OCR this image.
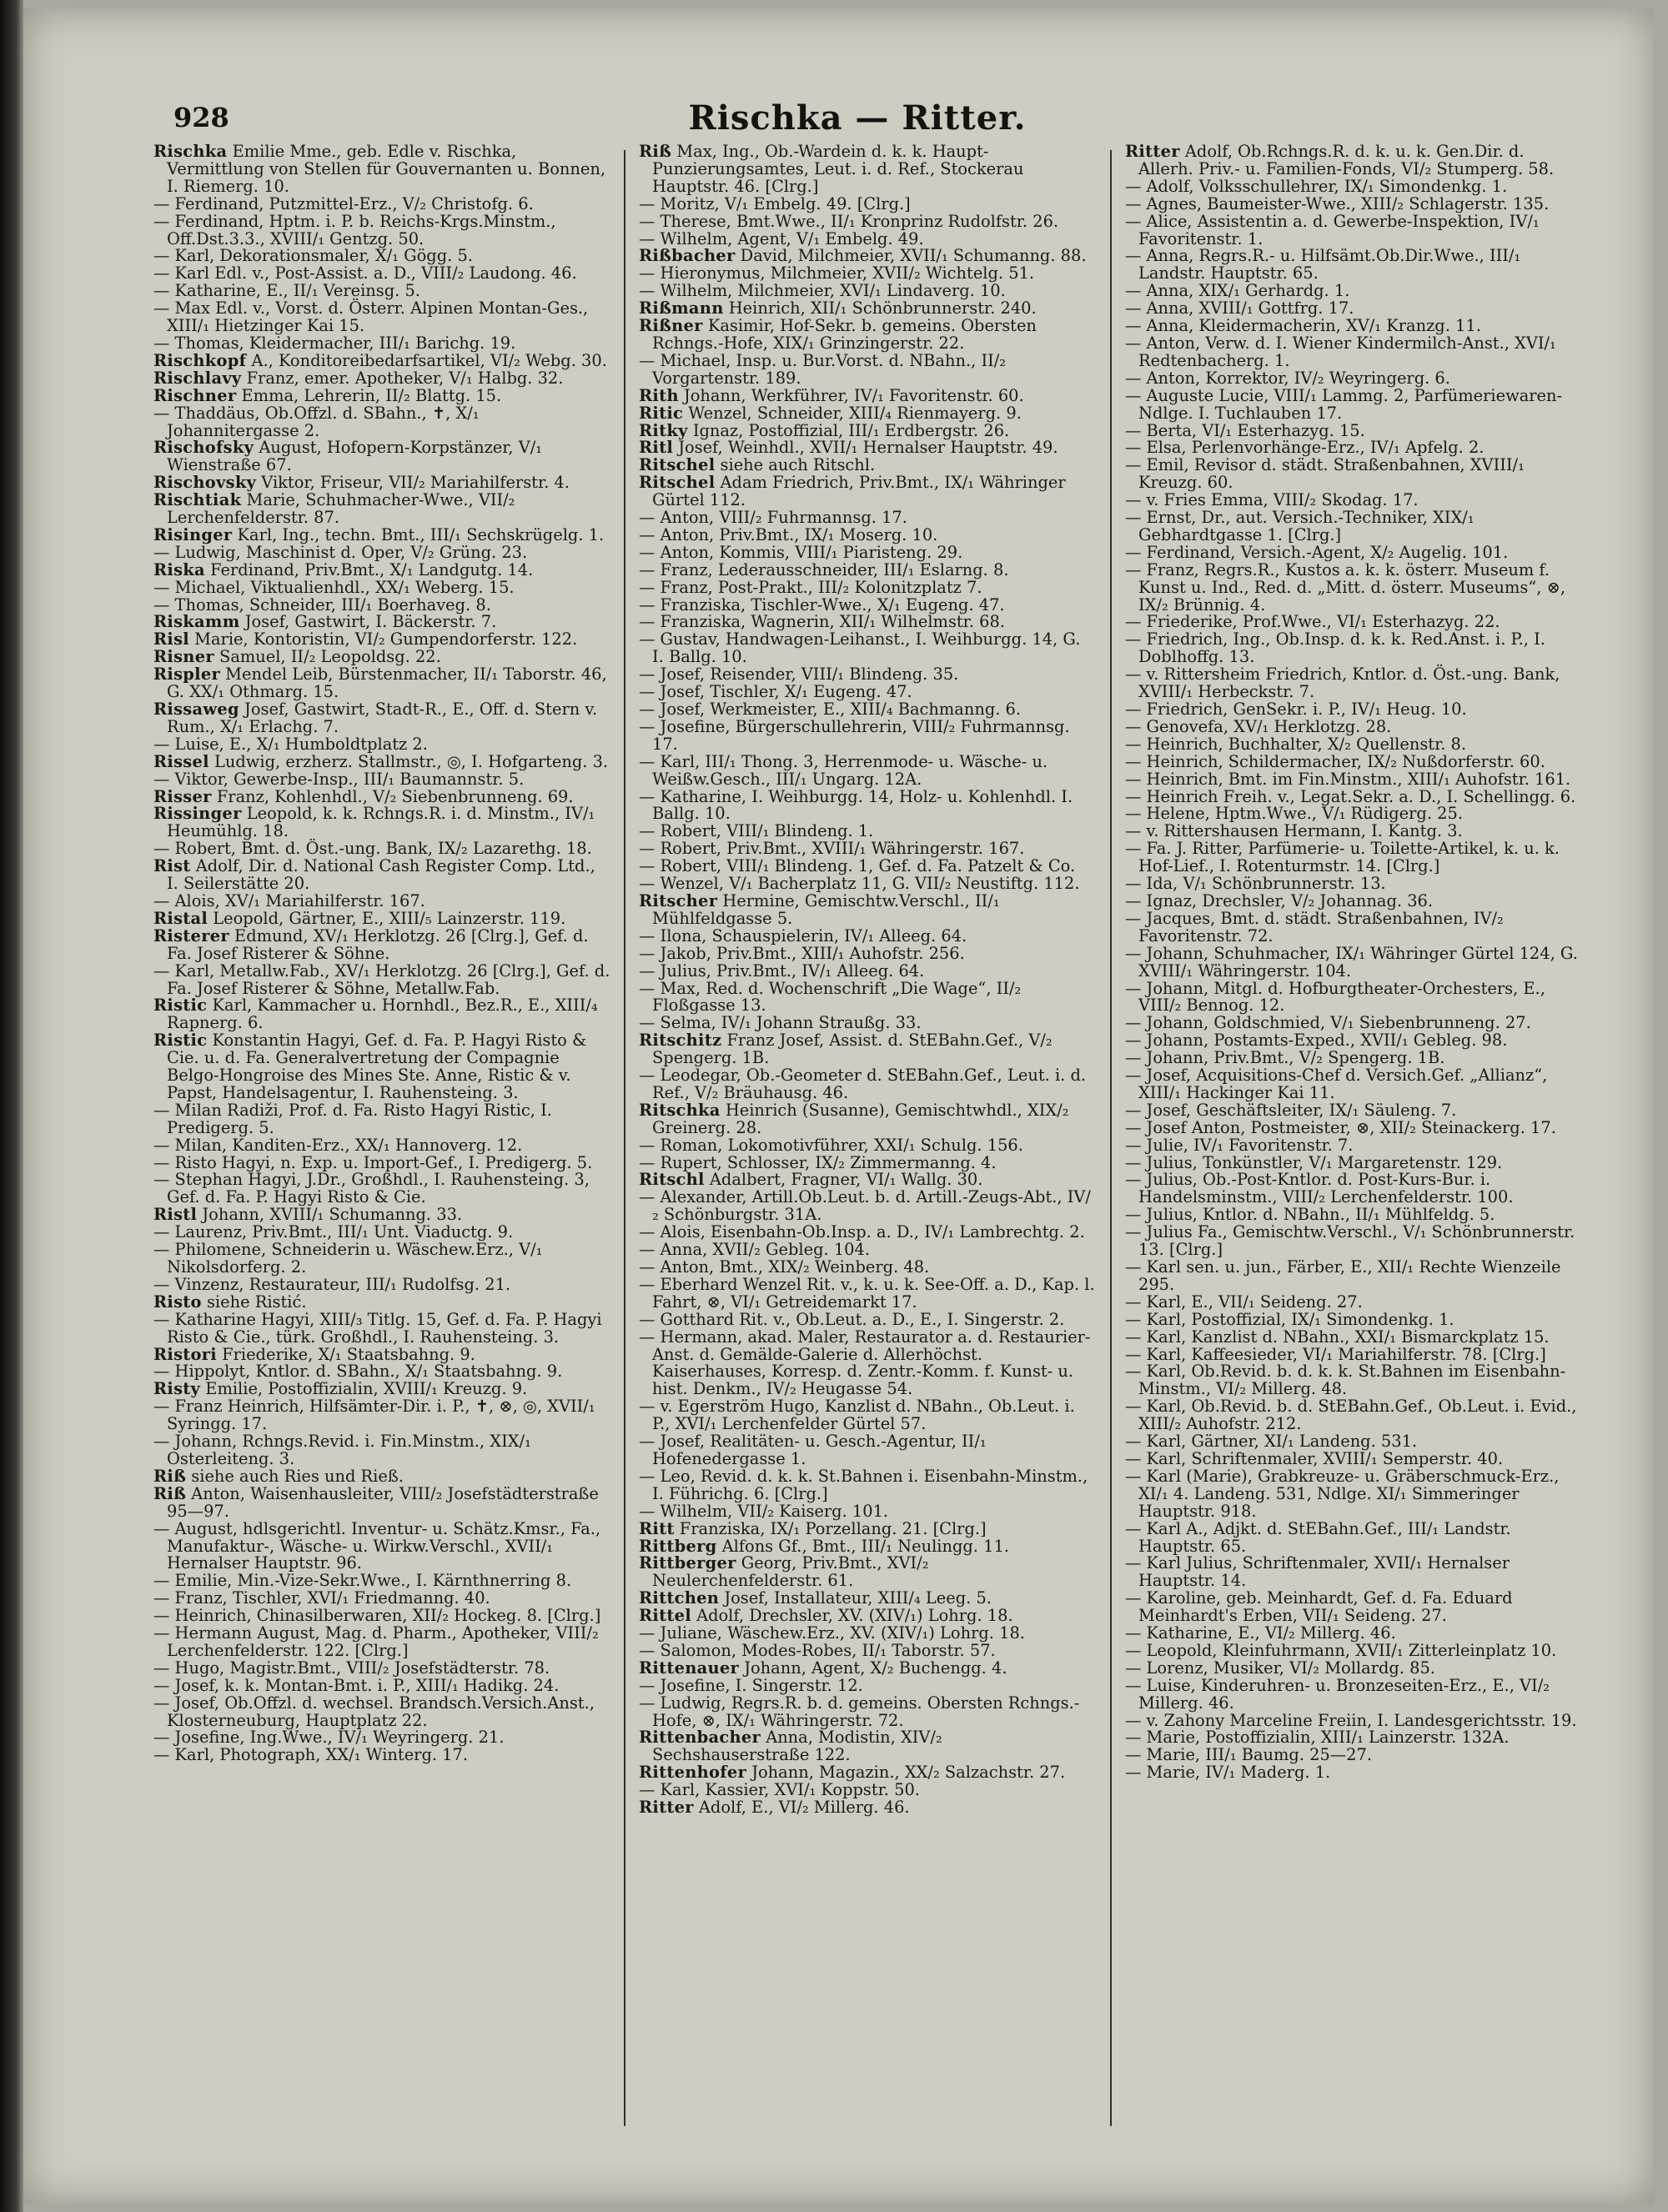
928	Rischka — Ritter.
Rischka Emilie Mme., geb. Edle v. Rischka, Vermittlung von Stellen für Gouvernanten u. Bonnen, I. Riemerg. 10.
— Ferdinand, Putzmittel-Erz., V/₂ Christofg. 6.
— Ferdinand, Hptm. i. P. b. Reichs-Krgs.Minstm., Off.Dst.3.3., XVIII/₁ Gentzg. 50.
— Karl, Dekorationsmaler, X/₁ Gögg. 5.
— Karl Edl. v., Post-Assist. a. D., VIII/₂ Laudong. 46.
— Katharine, E., II/₁ Vereinsg. 5.
— Max Edl. v., Vorst. d. Österr. Alpinen Montan-Ges., XIII/₁ Hietzinger Kai 15.
— Thomas, Kleidermacher, III/₁ Barichg. 19.
Rischkopf A., Konditoreibedarfsartikel, VI/₂ Webg. 30.
Rischlavy Franz, emer. Apotheker, V/₁ Halbg. 32.
Rischner Emma, Lehrerin, II/₂ Blattg. 15.
— Thaddäus, Ob.Offzl. d. SBahn., ✝, X/₁ Johannitergasse 2.
Rischofsky August, Hofopern-Korpstänzer, V/₁ Wienstraße 67.
Rischovsky Viktor, Friseur, VII/₂ Mariahilferstr. 4.
Rischtiak Marie, Schuhmacher-Wwe., VII/₂ Lerchenfelderstr. 87.
Risinger Karl, Ing., techn. Bmt., III/₁ Sechskrügelg. 1.
— Ludwig, Maschinist d. Oper, V/₂ Grüng. 23.
Riska Ferdinand, Priv.Bmt., X/₁ Landgutg. 14.
— Michael, Viktualienhdl., XX/₁ Weberg. 15.
— Thomas, Schneider, III/₁ Boerhaveg. 8.
Riskamm Josef, Gastwirt, I. Bäckerstr. 7.
Risl Marie, Kontoristin, VI/₂ Gumpendorferstr. 122.
Risner Samuel, II/₂ Leopoldsg. 22.
Rispler Mendel Leib, Bürstenmacher, II/₁ Taborstr. 46, G. XX/₁ Othmarg. 15.
Rissaweg Josef, Gastwirt, Stadt-R., E., Off. d. Stern v. Rum., X/₁ Erlachg. 7.
— Luise, E., X/₁ Humboldtplatz 2.
Rissel Ludwig, erzherz. Stallmstr., ◎, I. Hofgarteng. 3.
— Viktor, Gewerbe-Insp., III/₁ Baumannstr. 5.
Risser Franz, Kohlenhdl., V/₂ Siebenbrunneng. 69.
Rissinger Leopold, k. k. Rchngs.R. i. d. Minstm., IV/₁ Heumühlg. 18.
— Robert, Bmt. d. Öst.-ung. Bank, IX/₂ Lazarethg. 18.
Rist Adolf, Dir. d. National Cash Register Comp. Ltd., I. Seilerstätte 20.
— Alois, XV/₁ Mariahilferstr. 167.
Ristal Leopold, Gärtner, E., XIII/₅ Lainzerstr. 119.
Risterer Edmund, XV/₁ Herklotzg. 26 [Clrg.], Gef. d. Fa. Josef Risterer & Söhne.
— Karl, Metallw.Fab., XV/₁ Herklotzg. 26 [Clrg.], Gef. d. Fa. Josef Risterer & Söhne, Metallw.Fab.
Ristic Karl, Kammacher u. Hornhdl., Bez.R., E., XIII/₄ Rapnerg. 6.
Ristic Konstantin Hagyi, Gef. d. Fa. P. Hagyi Risto & Cie. u. d. Fa. Generalvertretung der Compagnie Belgo-Hongroise des Mines Ste. Anne, Ristic & v. Papst, Handelsagentur, I. Rauhensteing. 3.
— Milan Radiži, Prof. d. Fa. Risto Hagyi Ristic, I. Predigerg. 5.
— Milan, Kanditen-Erz., XX/₁ Hannoverg. 12.
— Risto Hagyi, n. Exp. u. Import-Gef., I. Predigerg. 5.
— Stephan Hagyi, J.Dr., Großhdl., I. Rauhensteing. 3, Gef. d. Fa. P. Hagyi Risto & Cie.
Ristl Johann, XVIII/₁ Schumanng. 33.
— Laurenz, Priv.Bmt., III/₁ Unt. Viaductg. 9.
— Philomene, Schneiderin u. Wäschew.Erz., V/₁ Nikolsdorferg. 2.
— Vinzenz, Restaurateur, III/₁ Rudolfsg. 21.
Risto siehe Ristić.
— Katharine Hagyi, XIII/₃ Titlg. 15, Gef. d. Fa. P. Hagyi Risto & Cie., türk. Großhdl., I. Rauhensteing. 3.
Ristori Friederike, X/₁ Staatsbahng. 9.
— Hippolyt, Kntlor. d. SBahn., X/₁ Staatsbahng. 9.
Risty Emilie, Postoffizialin, XVIII/₁ Kreuzg. 9.
— Franz Heinrich, Hilfsämter-Dir. i. P., ✝, ⊗, ◎, XVII/₁ Syringg. 17.
— Johann, Rchngs.Revid. i. Fin.Minstm., XIX/₁ Osterleiteng. 3.
Riß siehe auch Ries und Rieß.
Riß Anton, Waisenhausleiter, VIII/₂ Josefstädterstraße 95—97.
— August, hdlsgerichtl. Inventur- u. Schätz.Kmsr., Fa., Manufaktur-, Wäsche- u. Wirkw.Verschl., XVII/₁ Hernalser Hauptstr. 96.
— Emilie, Min.-Vize-Sekr.Wwe., I. Kärnthnerring 8.
— Franz, Tischler, XVI/₁ Friedmanng. 40.
— Heinrich, Chinasilberwaren, XII/₂ Hockeg. 8. [Clrg.]
— Hermann August, Mag. d. Pharm., Apotheker, VIII/₂ Lerchenfelderstr. 122. [Clrg.]
— Hugo, Magistr.Bmt., VIII/₂ Josefstädterstr. 78.
— Josef, k. k. Montan-Bmt. i. P., XIII/₁ Hadikg. 24.
— Josef, Ob.Offzl. d. wechsel. Brandsch.Versich.Anst., Klosterneuburg, Hauptplatz 22.
— Josefine, Ing.Wwe., IV/₁ Weyringerg. 21.
— Karl, Photograph, XX/₁ Winterg. 17.
Riß Max, Ing., Ob.-Wardein d. k. k. Haupt-Punzierungsamtes, Leut. i. d. Ref., Stockerau Hauptstr. 46. [Clrg.]
— Moritz, V/₁ Embelg. 49. [Clrg.]
— Therese, Bmt.Wwe., II/₁ Kronprinz Rudolfstr. 26.
— Wilhelm, Agent, V/₁ Embelg. 49.
Rißbacher David, Milchmeier, XVII/₁ Schumanng. 88.
— Hieronymus, Milchmeier, XVII/₂ Wichtelg. 51.
— Wilhelm, Milchmeier, XVI/₁ Lindaverg. 10.
Rißmann Heinrich, XII/₁ Schönbrunnerstr. 240.
Rißner Kasimir, Hof-Sekr. b. gemeins. Obersten Rchngs.-Hofe, XIX/₁ Grinzingerstr. 22.
— Michael, Insp. u. Bur.Vorst. d. NBahn., II/₂ Vorgartenstr. 189.
Rith Johann, Werkführer, IV/₁ Favoritenstr. 60.
Ritic Wenzel, Schneider, XIII/₄ Rienmayerg. 9.
Ritky Ignaz, Postoffizial, III/₁ Erdbergstr. 26.
Ritl Josef, Weinhdl., XVII/₁ Hernalser Hauptstr. 49.
Ritschel siehe auch Ritschl.
Ritschel Adam Friedrich, Priv.Bmt., IX/₁ Währinger Gürtel 112.
— Anton, VIII/₂ Fuhrmannsg. 17.
— Anton, Priv.Bmt., IX/₁ Moserg. 10.
— Anton, Kommis, VIII/₁ Piaristeng. 29.
— Franz, Lederausschneider, III/₁ Eslarng. 8.
— Franz, Post-Prakt., III/₂ Kolonitzplatz 7.
— Franziska, Tischler-Wwe., X/₁ Eugeng. 47.
— Franziska, Wagnerin, XII/₁ Wilhelmstr. 68.
— Gustav, Handwagen-Leihanst., I. Weihburgg. 14, G. I. Ballg. 10.
— Josef, Reisender, VIII/₁ Blindeng. 35.
— Josef, Tischler, X/₁ Eugeng. 47.
— Josef, Werkmeister, E., XIII/₄ Bachmanng. 6.
— Josefine, Bürgerschullehrerin, VIII/₂ Fuhrmannsg. 17.
— Karl, III/₁ Thong. 3, Herrenmode- u. Wäsche- u. Weißw.Gesch., III/₁ Ungarg. 12A.
— Katharine, I. Weihburgg. 14, Holz- u. Kohlenhdl. I. Ballg. 10.
— Robert, VIII/₁ Blindeng. 1.
— Robert, Priv.Bmt., XVIII/₁ Währingerstr. 167.
— Robert, VIII/₁ Blindeng. 1, Gef. d. Fa. Patzelt & Co.
— Wenzel, V/₁ Bacherplatz 11, G. VII/₂ Neustiftg. 112.
Ritscher Hermine, Gemischtw.Verschl., II/₁ Mühlfeldgasse 5.
— Ilona, Schauspielerin, IV/₁ Alleeg. 64.
— Jakob, Priv.Bmt., XIII/₁ Auhofstr. 256.
— Julius, Priv.Bmt., IV/₁ Alleeg. 64.
— Max, Red. d. Wochenschrift „Die Wage“, II/₂ Floßgasse 13.
— Selma, IV/₁ Johann Straußg. 33.
Ritschitz Franz Josef, Assist. d. StEBahn.Gef., V/₂ Spengerg. 1B.
— Leodegar, Ob.-Geometer d. StEBahn.Gef., Leut. i. d. Ref., V/₂ Bräuhausg. 46.
Ritschka Heinrich (Susanne), Gemischtwhdl., XIX/₂ Greinerg. 28.
— Roman, Lokomotivführer, XXI/₁ Schulg. 156.
— Rupert, Schlosser, IX/₂ Zimmermanng. 4.
Ritschl Adalbert, Fragner, VI/₁ Wallg. 30.
— Alexander, Artill.Ob.Leut. b. d. Artill.-Zeugs-Abt., IV/₂ Schönburgstr. 31A.
— Alois, Eisenbahn-Ob.Insp. a. D., IV/₁ Lambrechtg. 2.
— Anna, XVII/₂ Gebleg. 104.
— Anton, Bmt., XIX/₂ Weinberg. 48.
— Eberhard Wenzel Rit. v., k. u. k. See-Off. a. D., Kap. l. Fahrt, ⊗, VI/₁ Getreidemarkt 17.
— Gotthard Rit. v., Ob.Leut. a. D., E., I. Singerstr. 2.
— Hermann, akad. Maler, Restaurator a. d. Restaurier-Anst. d. Gemälde-Galerie d. Allerhöchst. Kaiserhauses, Korresp. d. Zentr.-Komm. f. Kunst- u. hist. Denkm., IV/₂ Heugasse 54.
— v. Egerström Hugo, Kanzlist d. NBahn., Ob.Leut. i. P., XVI/₁ Lerchenfelder Gürtel 57.
— Josef, Realitäten- u. Gesch.-Agentur, II/₁ Hofenedergasse 1.
— Leo, Revid. d. k. k. St.Bahnen i. Eisenbahn-Minstm., I. Führichg. 6. [Clrg.]
— Wilhelm, VII/₂ Kaiserg. 101.
Ritt Franziska, IX/₁ Porzellang. 21. [Clrg.]
Rittberg Alfons Gf., Bmt., III/₁ Neulingg. 11.
Rittberger Georg, Priv.Bmt., XVI/₂ Neulerchenfelderstr. 61.
Rittchen Josef, Installateur, XIII/₄ Leeg. 5.
Rittel Adolf, Drechsler, XV. (XIV/₁) Lohrg. 18.
— Juliane, Wäschew.Erz., XV. (XIV/₁) Lohrg. 18.
— Salomon, Modes-Robes, II/₁ Taborstr. 57.
Rittenauer Johann, Agent, X/₂ Buchengg. 4.
— Josefine, I. Singerstr. 12.
— Ludwig, Regrs.R. b. d. gemeins. Obersten Rchngs.-Hofe, ⊗, IX/₁ Währingerstr. 72.
Rittenbacher Anna, Modistin, XIV/₂ Sechshauserstraße 122.
Rittenhofer Johann, Magazin., XX/₂ Salzachstr. 27.
— Karl, Kassier, XVI/₁ Koppstr. 50.
Ritter Adolf, E., VI/₂ Millerg. 46.
Ritter Adolf, Ob.Rchngs.R. d. k. u. k. Gen.Dir. d. Allerh. Priv.- u. Familien-Fonds, VI/₂ Stumperg. 58.
— Adolf, Volksschullehrer, IX/₁ Simondenkg. 1.
— Agnes, Baumeister-Wwe., XIII/₂ Schlagerstr. 135.
— Alice, Assistentin a. d. Gewerbe-Inspektion, IV/₁ Favoritenstr. 1.
— Anna, Regrs.R.- u. Hilfsämt.Ob.Dir.Wwe., III/₁ Landstr. Hauptstr. 65.
— Anna, XIX/₁ Gerhardg. 1.
— Anna, XVIII/₁ Gottfrg. 17.
— Anna, Kleidermacherin, XV/₁ Kranzg. 11.
— Anton, Verw. d. I. Wiener Kindermilch-Anst., XVI/₁ Redtenbacherg. 1.
— Anton, Korrektor, IV/₂ Weyringerg. 6.
— Auguste Lucie, VIII/₁ Lammg. 2, Parfümeriewaren-Ndlge. I. Tuchlauben 17.
— Berta, VI/₁ Esterhazyg. 15.
— Elsa, Perlenvorhänge-Erz., IV/₁ Apfelg. 2.
— Emil, Revisor d. städt. Straßenbahnen, XVIII/₁ Kreuzg. 60.
— v. Fries Emma, VIII/₂ Skodag. 17.
— Ernst, Dr., aut. Versich.-Techniker, XIX/₁ Gebhardtgasse 1. [Clrg.]
— Ferdinand, Versich.-Agent, X/₂ Augelig. 101.
— Franz, Regrs.R., Kustos a. k. k. österr. Museum f. Kunst u. Ind., Red. d. „Mitt. d. österr. Museums“, ⊗, IX/₂ Brünnig. 4.
— Friederike, Prof.Wwe., VI/₁ Esterhazyg. 22.
— Friedrich, Ing., Ob.Insp. d. k. k. Red.Anst. i. P., I. Doblhoffg. 13.
— v. Rittersheim Friedrich, Kntlor. d. Öst.-ung. Bank, XVIII/₁ Herbeckstr. 7.
— Friedrich, GenSekr. i. P., IV/₁ Heug. 10.
— Genovefa, XV/₁ Herklotzg. 28.
— Heinrich, Buchhalter, X/₂ Quellenstr. 8.
— Heinrich, Schildermacher, IX/₂ Nußdorferstr. 60.
— Heinrich, Bmt. im Fin.Minstm., XIII/₁ Auhofstr. 161.
— Heinrich Freih. v., Legat.Sekr. a. D., I. Schellingg. 6.
— Helene, Hptm.Wwe., V/₁ Rüdigerg. 25.
— v. Rittershausen Hermann, I. Kantg. 3.
— Fa. J. Ritter, Parfümerie- u. Toilette-Artikel, k. u. k. Hof-Lief., I. Rotenturmstr. 14. [Clrg.]
— Ida, V/₁ Schönbrunnerstr. 13.
— Ignaz, Drechsler, V/₂ Johannag. 36.
— Jacques, Bmt. d. städt. Straßenbahnen, IV/₂ Favoritenstr. 72.
— Johann, Schuhmacher, IX/₁ Währinger Gürtel 124, G. XVIII/₁ Währingerstr. 104.
— Johann, Mitgl. d. Hofburgtheater-Orchesters, E., VIII/₂ Bennog. 12.
— Johann, Goldschmied, V/₁ Siebenbrunneng. 27.
— Johann, Postamts-Exped., XVII/₁ Gebleg. 98.
— Johann, Priv.Bmt., V/₂ Spengerg. 1B.
— Josef, Acquisitions-Chef d. Versich.Gef. „Allianz“, XIII/₁ Hackinger Kai 11.
— Josef, Geschäftsleiter, IX/₁ Säuleng. 7.
— Josef Anton, Postmeister, ⊗, XII/₂ Steinackerg. 17.
— Julie, IV/₁ Favoritenstr. 7.
— Julius, Tonkünstler, V/₁ Margaretenstr. 129.
— Julius, Ob.-Post-Kntlor. d. Post-Kurs-Bur. i. Handelsminstm., VIII/₂ Lerchenfelderstr. 100.
— Julius, Kntlor. d. NBahn., II/₁ Mühlfeldg. 5.
— Julius Fa., Gemischtw.Verschl., V/₁ Schönbrunnerstr. 13. [Clrg.]
— Karl sen. u. jun., Färber, E., XII/₁ Rechte Wienzeile 295.
— Karl, E., VII/₁ Seideng. 27.
— Karl, Postoffizial, IX/₁ Simondenkg. 1.
— Karl, Kanzlist d. NBahn., XXI/₁ Bismarckplatz 15.
— Karl, Kaffeesieder, VI/₁ Mariahilferstr. 78. [Clrg.]
— Karl, Ob.Revid. b. d. k. k. St.Bahnen im Eisenbahn-Minstm., VI/₂ Millerg. 48.
— Karl, Ob.Revid. b. d. StEBahn.Gef., Ob.Leut. i. Evid., XIII/₂ Auhofstr. 212.
— Karl, Gärtner, XI/₁ Landeng. 531.
— Karl, Schriftenmaler, XVIII/₁ Semperstr. 40.
— Karl (Marie), Grabkreuze- u. Gräberschmuck-Erz., XI/₁ 4. Landeng. 531, Ndlge. XI/₁ Simmeringer Hauptstr. 918.
— Karl A., Adjkt. d. StEBahn.Gef., III/₁ Landstr. Hauptstr. 65.
— Karl Julius, Schriftenmaler, XVII/₁ Hernalser Hauptstr. 14.
— Karoline, geb. Meinhardt, Gef. d. Fa. Eduard Meinhardt's Erben, VII/₁ Seideng. 27.
— Katharine, E., VI/₂ Millerg. 46.
— Leopold, Kleinfuhrmann, XVII/₁ Zitterleinplatz 10.
— Lorenz, Musiker, VI/₂ Mollardg. 85.
— Luise, Kinderuhren- u. Bronzeseiten-Erz., E., VI/₂ Millerg. 46.
— v. Zahony Marceline Freiin, I. Landesgerichtsstr. 19.
— Marie, Postoffizialin, XIII/₁ Lainzerstr. 132A.
— Marie, III/₁ Baumg. 25—27.
— Marie, IV/₁ Maderg. 1.
